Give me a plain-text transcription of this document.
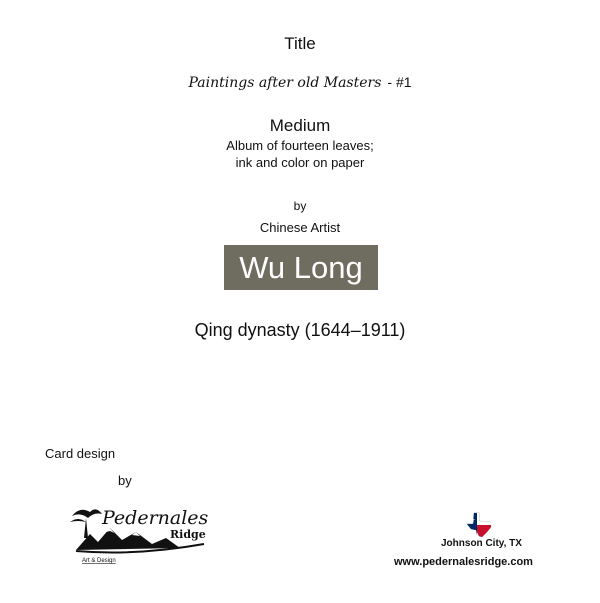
Title
Paintings after old Masters - #1
Medium
Album of fourteen leaves;
ink and color on paper
by
Chinese Artist
Wu Long
Qing dynasty (1644–1911)
Card design
by
Pedernales
Ridge
Art & Design
Johnson City, TX
www.pedernalesridge.com
